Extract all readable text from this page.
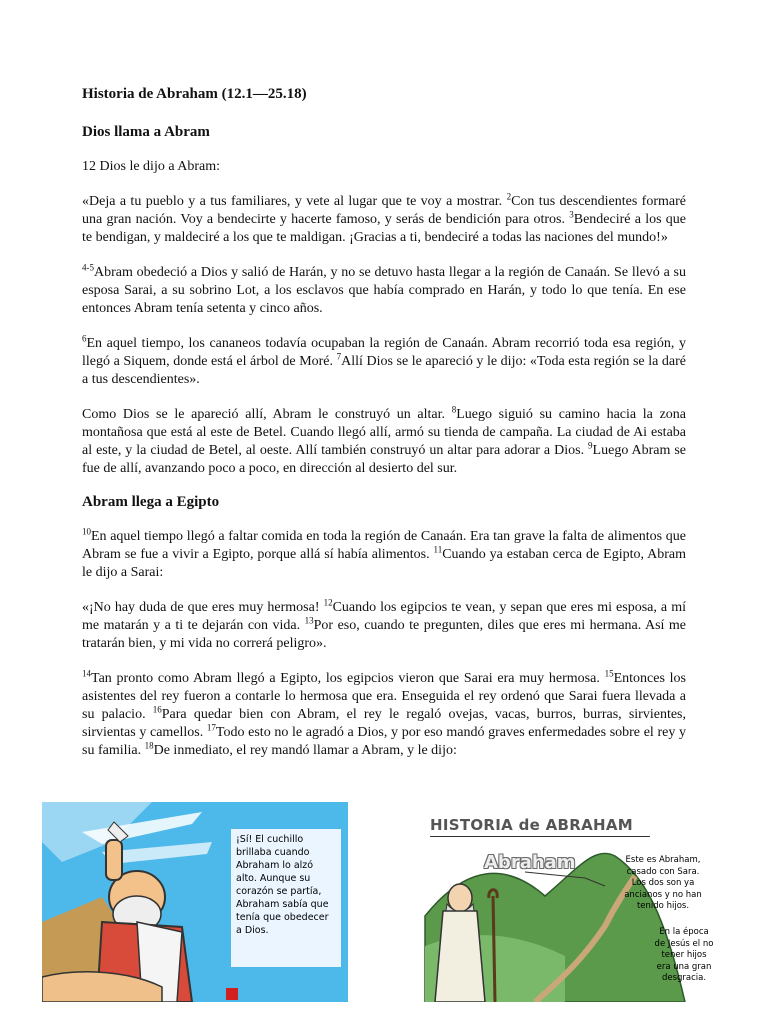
Historia de Abraham (12.1—25.18)
Dios llama a Abram

12 Dios le dijo a Abram:

«Deja a tu pueblo y a tus familiares, y vete al lugar que te voy a mostrar. $^2$Con tus descendientes formaré una gran nación. Voy a bendecirte y hacerte famoso, y serás de bendición para otros. $^3$Bendeciré a los que te bendigan, y maldeciré a los que te maldigan. ¡Gracias a ti, bendeciré a todas las naciones del mundo!»

$^{4-5}$Abram obedeció a Dios y salió de Harán, y no se detuvo hasta llegar a la región de Canaán. Se llevó a su esposa Sarai, a su sobrino Lot, a los esclavos que había comprado en Harán, y todo lo que tenía. En ese entonces Abram tenía setenta y cinco años.

$^6$En aquel tiempo, los cananeos todavía ocupaban la región de Canaán. Abram recorrió toda esa región, y llegó a Siquem, donde está el árbol de Moré. $^7$Allí Dios se le apareció y le dijo: «Toda esta región se la daré a tus descendientes».

Como Dios se le apareció allí, Abram le construyó un altar. $^8$Luego siguió su camino hacia la zona montañosa que está al este de Betel. Cuando llegó allí, armó su tienda de campaña. La ciudad de Ai estaba al este, y la ciudad de Betel, al oeste. Allí también construyó un altar para adorar a Dios. $^9$Luego Abram se fue de allí, avanzando poco a poco, en dirección al desierto del sur.

Abram llega a Egipto

$^{10}$En aquel tiempo llegó a faltar comida en toda la región de Canaán. Era tan grave la falta de alimentos que Abram se fue a vivir a Egipto, porque allá sí había alimentos. $^{11}$Cuando ya estaban cerca de Egipto, Abram le dijo a Sarai:

«¡No hay duda de que eres muy hermosa! $^{12}$Cuando los egipcios te vean, y sepan que eres mi esposa, a mí me matarán y a ti te dejarán con vida. $^{13}$Por eso, cuando te pregunten, diles que eres mi hermana. Así me tratarán bien, y mi vida no correrá peligro».

$^{14}$Tan pronto como Abram llegó a Egipto, los egipcios vieron que Sarai era muy hermosa. $^{15}$Entonces los asistentes del rey fueron a contarle lo hermosa que era. Enseguida el rey ordenó que Sarai fuera llevada a su palacio. $^{16}$Para quedar bien con Abram, el rey le regaló ovejas, vacas, burros, burras, sirvientes, sirvientas y camellos. $^{17}$Todo esto no le agradó a Dios, y por eso mandó graves enfermedades sobre el rey y su familia. $^{18}$De inmediato, el rey mandó llamar a Abram, y le dijo:

¡Sí! El cuchillo brillaba cuando Abraham lo alzó alto. Aunque su corazón se partía, Abraham sabía que tenía que obedecer a Dios.
HISTORIA de ABRAHAM
Abraham	Este es Abraham, casado con Sara. Los dos son ya ancianos y no han tenido hijos.
En la época de Jesús el no tener hijos era una gran desgracia.
